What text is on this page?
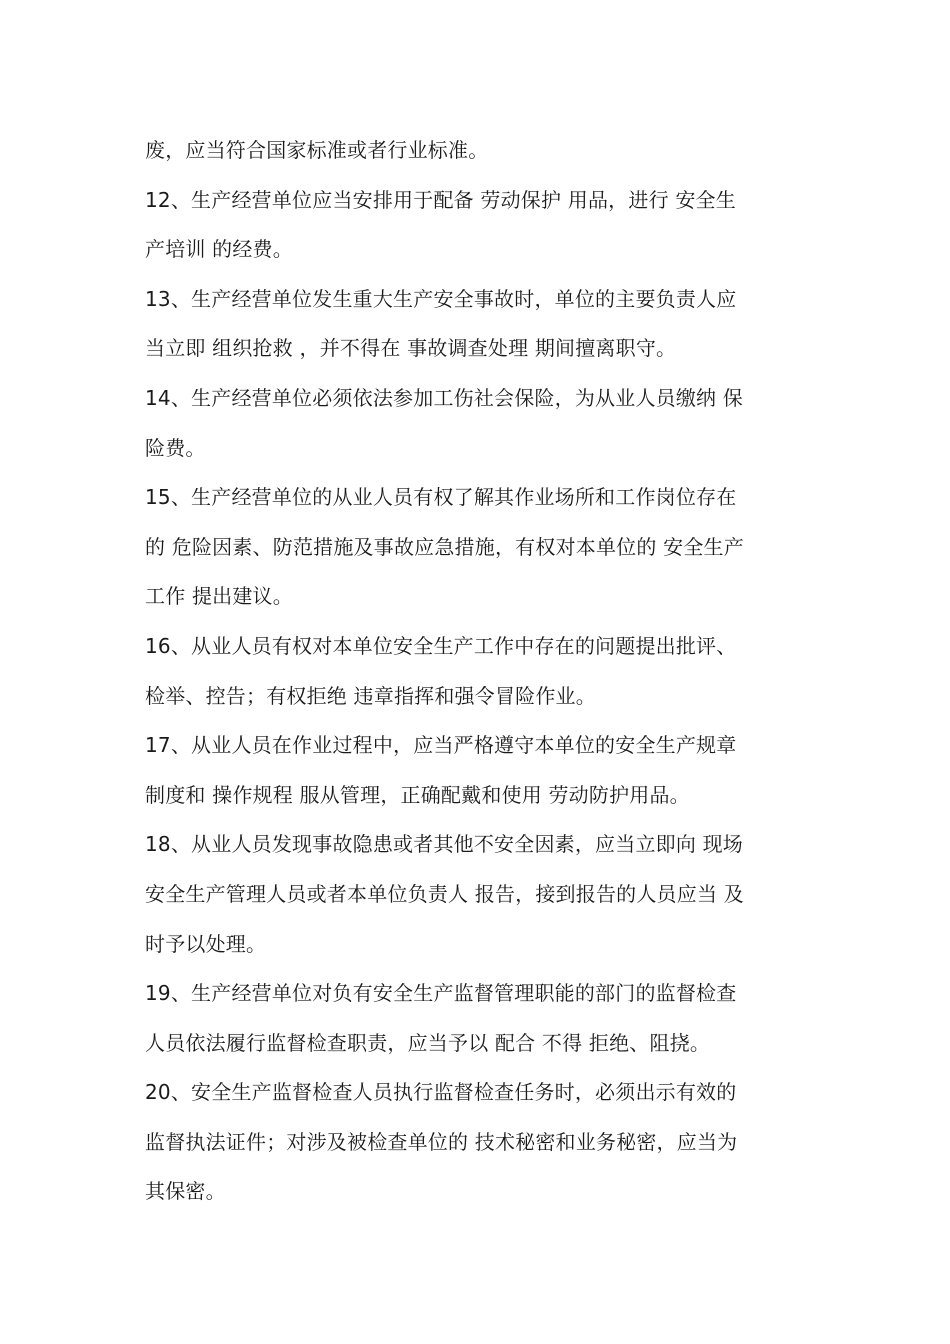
废，应当符合国家标准或者行业标准。
12、生产经营单位应当安排用于配备 劳动保护 用品，进行 安全生
产培训 的经费。
13、生产经营单位发生重大生产安全事故时，单位的主要负责人应
当立即 组织抢救 ，并不得在 事故调查处理 期间擅离职守。
14、生产经营单位必须依法参加工伤社会保险，为从业人员缴纳 保
险费。
15、生产经营单位的从业人员有权了解其作业场所和工作岗位存在
的 危险因素、防范措施及事故应急措施，有权对本单位的 安全生产
工作 提出建议。
16、从业人员有权对本单位安全生产工作中存在的问题提出批评、
检举、控告；有权拒绝 违章指挥和强令冒险作业。
17、从业人员在作业过程中，应当严格遵守本单位的安全生产规章
制度和 操作规程 服从管理，正确配戴和使用 劳动防护用品。
18、从业人员发现事故隐患或者其他不安全因素，应当立即向 现场
安全生产管理人员或者本单位负责人 报告，接到报告的人员应当 及
时予以处理。
19、生产经营单位对负有安全生产监督管理职能的部门的监督检查
人员依法履行监督检查职责，应当予以 配合 不得 拒绝、阻挠。
20、安全生产监督检查人员执行监督检查任务时，必须出示有效的
监督执法证件；对涉及被检查单位的 技术秘密和业务秘密，应当为
其保密。
